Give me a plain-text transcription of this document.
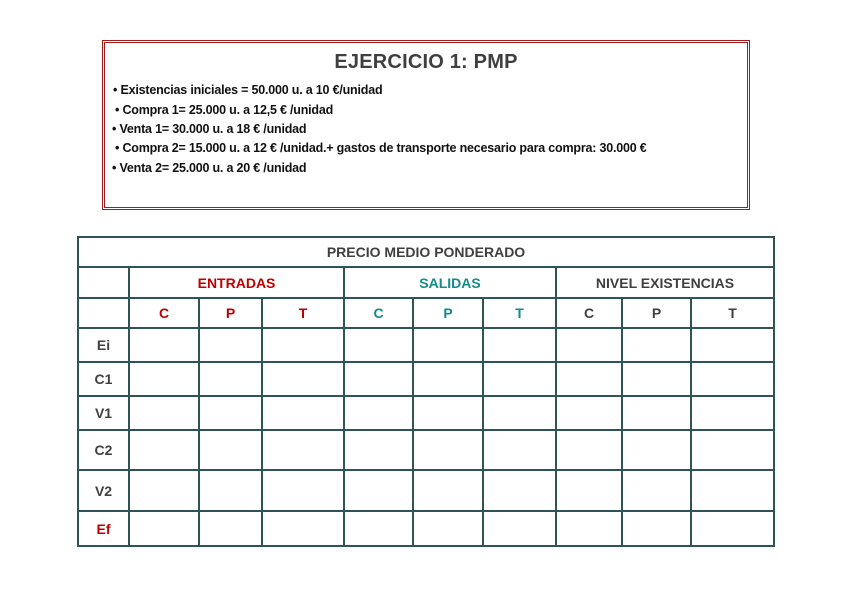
EJERCICIO 1: PMP
• Existencias iniciales = 50.000 u. a 10 €/unidad
• Compra 1= 25.000 u. a 12,5 € /unidad
• Venta 1= 30.000 u. a 18 € /unidad
• Compra 2= 15.000 u. a 12 € /unidad.+ gastos de transporte necesario para compra: 30.000 €
• Venta 2= 25.000 u. a 20 € /unidad
PRECIO MEDIO PONDERADO									
	ENTRADAS			SALIDAS			NIVEL EXISTENCIAS		
	C	P	T	C	P	T	C	P	T
Ei									
C1									
V1									
C2									
V2									
Ef									
